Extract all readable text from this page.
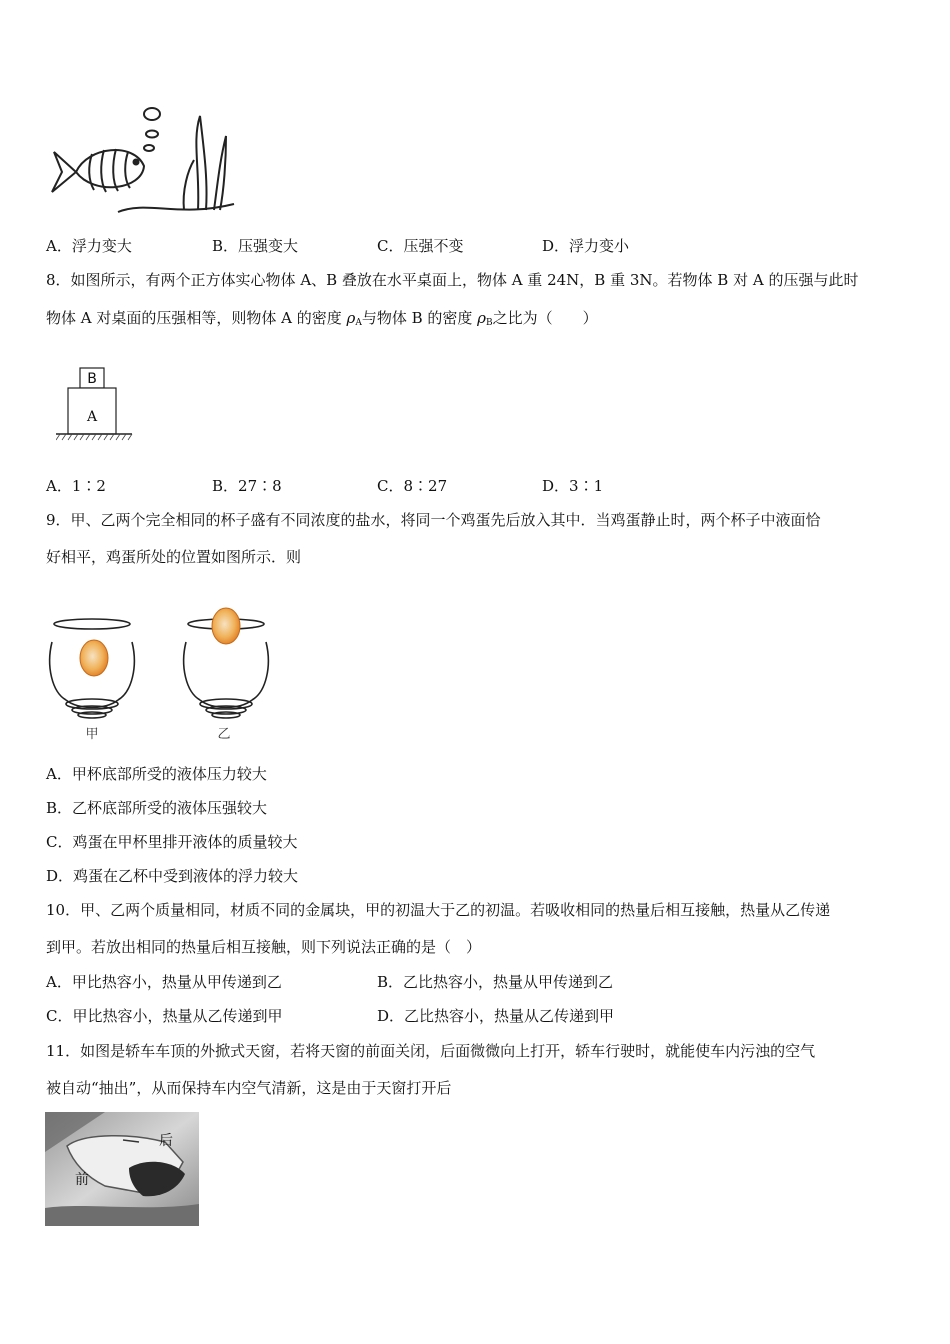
A．浮力变大	B．压强变大	C．压强不变	D．浮力变小
8．如图所示，有两个正方体实心物体 A、B 叠放在水平桌面上，物体 A 重 24N，B 重 3N。若物体 B 对 A 的压强与此时
物体 A 对桌面的压强相等，则物体 A 的密度 $\rho_A$与物体 B 的密度 $\rho_B$之比为（　　）
B
A
A．1∶2	B．27∶8	C．8∶27	D．3∶1
9．甲、乙两个完全相同的杯子盛有不同浓度的盐水，将同一个鸡蛋先后放入其中．当鸡蛋静止时，两个杯子中液面恰
好相平，鸡蛋所处的位置如图所示．则
甲	乙
A．甲杯底部所受的液体压力较大
B．乙杯底部所受的液体压强较大
C．鸡蛋在甲杯里排开液体的质量较大
D．鸡蛋在乙杯中受到液体的浮力较大
10．甲、乙两个质量相同，材质不同的金属块，甲的初温大于乙的初温。若吸收相同的热量后相互接触，热量从乙传递
到甲。若放出相同的热量后相互接触，则下列说法正确的是（　）
A．甲比热容小，热量从甲传递到乙	B．乙比热容小，热量从甲传递到乙
C．甲比热容小，热量从乙传递到甲	D．乙比热容小，热量从乙传递到甲
11．如图是轿车车顶的外掀式天窗，若将天窗的前面关闭，后面微微向上打开，轿车行驶时，就能使车内污浊的空气
被自动“抽出”，从而保持车内空气清新，这是由于天窗打开后
后
前
